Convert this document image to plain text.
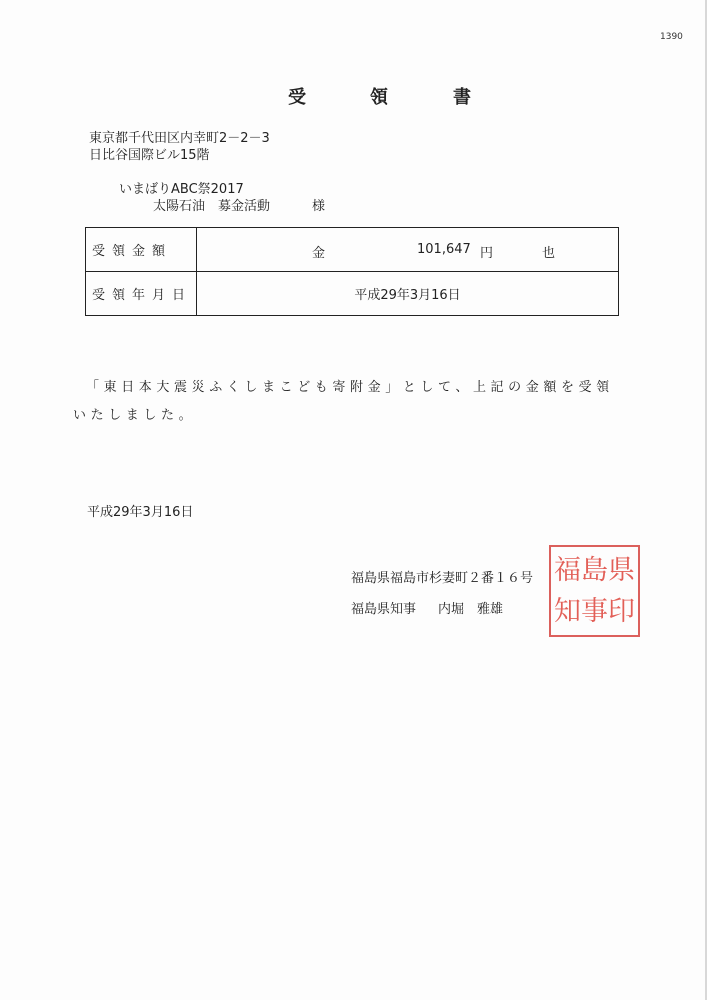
1390
受	領	書
東京都千代田区内幸町2－2－3
日比谷国際ビル15階
いまばりABC祭2017
太陽石油　募金活動	様
受領金額	金 101,647 円 也

受領年月日	平成29年3月16日
「東日本大震災ふくしまこども寄附金」として、上記の金額を受領
いたしました。
平成29年3月16日
福島県福島市杉妻町２番１６号
福島県知事 内堀　雅雄
県
島
福
印
事
知
